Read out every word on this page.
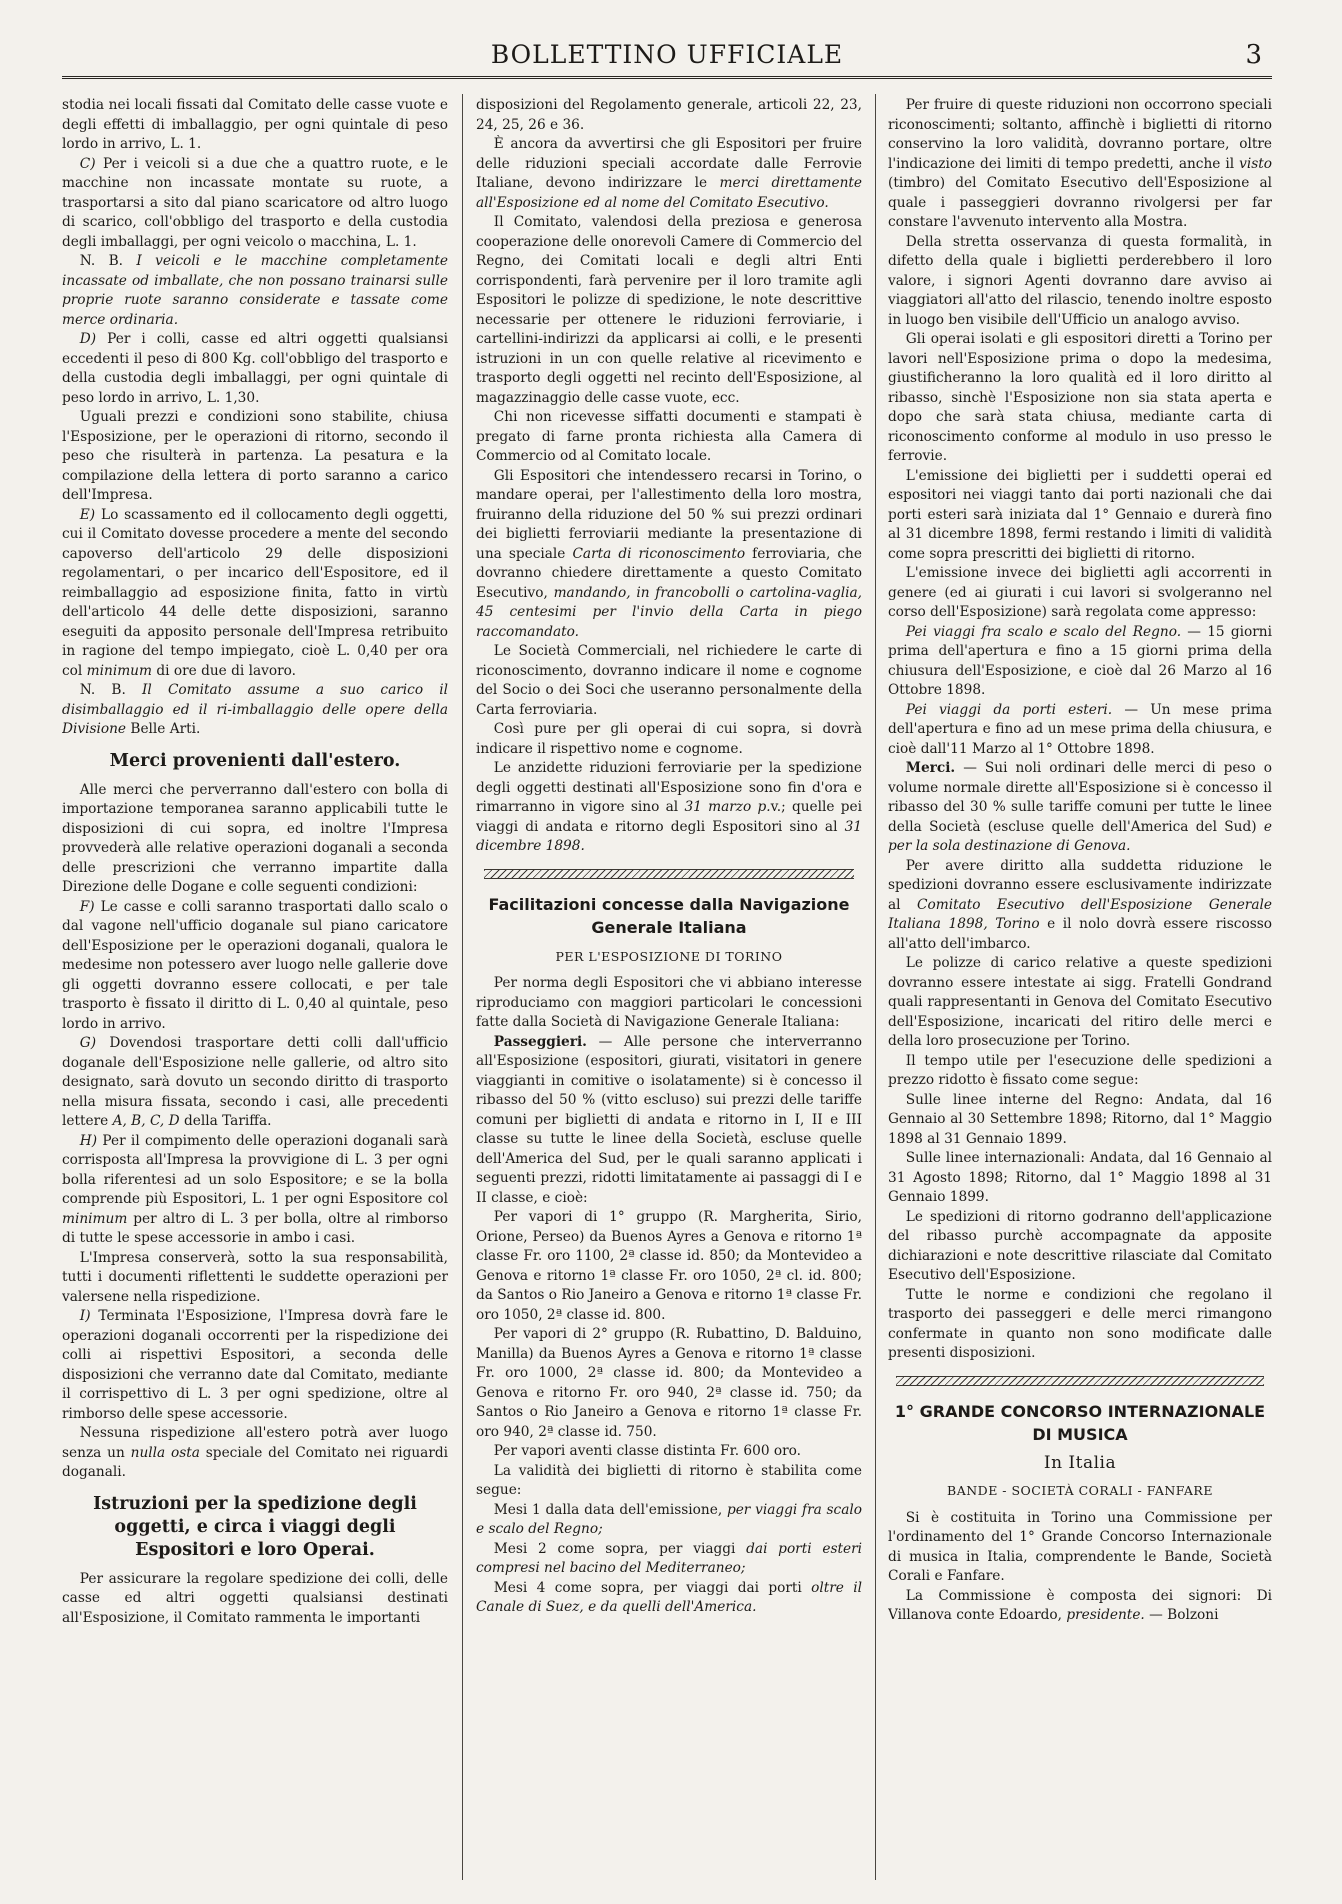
BOLLETTINO UFFICIALE	3

stodia nei locali fissati dal Comitato delle casse vuote e degli effetti di imballaggio, per ogni quintale di peso lordo in arrivo, L. 1.

C) Per i veicoli si a due che a quattro ruote, e le macchine non incassate montate su ruote, a trasportarsi a sito dal piano scaricatore od altro luogo di scarico, coll'obbligo del trasporto e della custodia degli imballaggi, per ogni veicolo o macchina, L. 1.

N. B. I veicoli e le macchine completamente incassate od imballate, che non possano trainarsi sulle proprie ruote saranno considerate e tassate come merce ordinaria.

D) Per i colli, casse ed altri oggetti qualsiansi eccedenti il peso di 800 Kg. coll'obbligo del trasporto e della custodia degli imballaggi, per ogni quintale di peso lordo in arrivo, L. 1,30.

Uguali prezzi e condizioni sono stabilite, chiusa l'Esposizione, per le operazioni di ritorno, secondo il peso che risulterà in partenza. La pesatura e la compilazione della lettera di porto saranno a carico dell'Impresa.

E) Lo scassamento ed il collocamento degli oggetti, cui il Comitato dovesse procedere a mente del secondo capoverso dell'articolo 29 delle disposizioni regolamentari, o per incarico dell'Espositore, ed il reimballaggio ad esposizione finita, fatto in virtù dell'articolo 44 delle dette disposizioni, saranno eseguiti da apposito personale dell'Impresa retribuito in ragione del tempo impiegato, cioè L. 0,40 per ora col minimum di ore due di lavoro.

N. B. Il Comitato assume a suo carico il disimballaggio ed il ri-imballaggio delle opere della Divisione Belle Arti.

Merci provenienti dall'estero.

Alle merci che perverranno dall'estero con bolla di importazione temporanea saranno applicabili tutte le disposizioni di cui sopra, ed inoltre l'Impresa provvederà alle relative operazioni doganali a seconda delle prescrizioni che verranno impartite dalla Direzione delle Dogane e colle seguenti condizioni:

F) Le casse e colli saranno trasportati dallo scalo o dal vagone nell'ufficio doganale sul piano caricatore dell'Esposizione per le operazioni doganali, qualora le medesime non potessero aver luogo nelle gallerie dove gli oggetti dovranno essere collocati, e per tale trasporto è fissato il diritto di L. 0,40 al quintale, peso lordo in arrivo.

G) Dovendosi trasportare detti colli dall'ufficio doganale dell'Esposizione nelle gallerie, od altro sito designato, sarà dovuto un secondo diritto di trasporto nella misura fissata, secondo i casi, alle precedenti lettere A, B, C, D della Tariffa.

H) Per il compimento delle operazioni doganali sarà corrisposta all'Impresa la provvigione di L. 3 per ogni bolla riferentesi ad un solo Espositore; e se la bolla comprende più Espositori, L. 1 per ogni Espositore col minimum per altro di L. 3 per bolla, oltre al rimborso di tutte le spese accessorie in ambo i casi.

L'Impresa conserverà, sotto la sua responsabilità, tutti i documenti riflettenti le suddette operazioni per valersene nella rispedizione.

I) Terminata l'Esposizione, l'Impresa dovrà fare le operazioni doganali occorrenti per la rispedizione dei colli ai rispettivi Espositori, a seconda delle disposizioni che verranno date dal Comitato, mediante il corrispettivo di L. 3 per ogni spedizione, oltre al rimborso delle spese accessorie.

Nessuna rispedizione all'estero potrà aver luogo senza un nulla osta speciale del Comitato nei riguardi doganali.

Istruzioni per la spedizione degli oggetti, e circa i viaggi degli Espositori e loro Operai.

Per assicurare la regolare spedizione dei colli, delle casse ed altri oggetti qualsiansi destinati all'Esposizione, il Comitato rammenta le importanti

disposizioni del Regolamento generale, articoli 22, 23, 24, 25, 26 e 36.

È ancora da avvertirsi che gli Espositori per fruire delle riduzioni speciali accordate dalle Ferrovie Italiane, devono indirizzare le merci direttamente all'Esposizione ed al nome del Comitato Esecutivo.

Il Comitato, valendosi della preziosa e generosa cooperazione delle onorevoli Camere di Commercio del Regno, dei Comitati locali e degli altri Enti corrispondenti, farà pervenire per il loro tramite agli Espositori le polizze di spedizione, le note descrittive necessarie per ottenere le riduzioni ferroviarie, i cartellini-indirizzi da applicarsi ai colli, e le presenti istruzioni in un con quelle relative al ricevimento e trasporto degli oggetti nel recinto dell'Esposizione, al magazzinaggio delle casse vuote, ecc.

Chi non ricevesse siffatti documenti e stampati è pregato di farne pronta richiesta alla Camera di Commercio od al Comitato locale.

Gli Espositori che intendessero recarsi in Torino, o mandare operai, per l'allestimento della loro mostra, fruiranno della riduzione del 50 % sui prezzi ordinari dei biglietti ferroviarii mediante la presentazione di una speciale Carta di riconoscimento ferroviaria, che dovranno chiedere direttamente a questo Comitato Esecutivo, mandando, in francobolli o cartolina-vaglia, 45 centesimi per l'invio della Carta in piego raccomandato.

Le Società Commerciali, nel richiedere le carte di riconoscimento, dovranno indicare il nome e cognome del Socio o dei Soci che useranno personalmente della Carta ferroviaria.

Così pure per gli operai di cui sopra, si dovrà indicare il rispettivo nome e cognome.

Le anzidette riduzioni ferroviarie per la spedizione degli oggetti destinati all'Esposizione sono fin d'ora e rimarranno in vigore sino al 31 marzo p.v.; quelle pei viaggi di andata e ritorno degli Espositori sino al 31 dicembre 1898.

Facilitazioni concesse dalla Navigazione Generale Italiana

PER L'ESPOSIZIONE DI TORINO

Per norma degli Espositori che vi abbiano interesse riproduciamo con maggiori particolari le concessioni fatte dalla Società di Navigazione Generale Italiana:

Passeggieri. — Alle persone che interverranno all'Esposizione (espositori, giurati, visitatori in genere viaggianti in comitive o isolatamente) si è concesso il ribasso del 50 % (vitto escluso) sui prezzi delle tariffe comuni per biglietti di andata e ritorno in I, II e III classe su tutte le linee della Società, escluse quelle dell'America del Sud, per le quali saranno applicati i seguenti prezzi, ridotti limitatamente ai passaggi di I e II classe, e cioè:

Per vapori di 1° gruppo (R. Margherita, Sirio, Orione, Perseo) da Buenos Ayres a Genova e ritorno 1ª classe Fr. oro 1100, 2ª classe id. 850; da Montevideo a Genova e ritorno 1ª classe Fr. oro 1050, 2ª cl. id. 800; da Santos o Rio Janeiro a Genova e ritorno 1ª classe Fr. oro 1050, 2ª classe id. 800.

Per vapori di 2° gruppo (R. Rubattino, D. Balduino, Manilla) da Buenos Ayres a Genova e ritorno 1ª classe Fr. oro 1000, 2ª classe id. 800; da Montevideo a Genova e ritorno Fr. oro 940, 2ª classe id. 750; da Santos o Rio Janeiro a Genova e ritorno 1ª classe Fr. oro 940, 2ª classe id. 750.

Per vapori aventi classe distinta Fr. 600 oro.

La validità dei biglietti di ritorno è stabilita come segue:

Mesi 1 dalla data dell'emissione, per viaggi fra scalo e scalo del Regno;

Mesi 2 come sopra, per viaggi dai porti esteri compresi nel bacino del Mediterraneo;

Mesi 4 come sopra, per viaggi dai porti oltre il Canale di Suez, e da quelli dell'America.

Per fruire di queste riduzioni non occorrono speciali riconoscimenti; soltanto, affinchè i biglietti di ritorno conservino la loro validità, dovranno portare, oltre l'indicazione dei limiti di tempo predetti, anche il visto (timbro) del Comitato Esecutivo dell'Esposizione al quale i passeggieri dovranno rivolgersi per far constare l'avvenuto intervento alla Mostra.

Della stretta osservanza di questa formalità, in difetto della quale i biglietti perderebbero il loro valore, i signori Agenti dovranno dare avviso ai viaggiatori all'atto del rilascio, tenendo inoltre esposto in luogo ben visibile dell'Ufficio un analogo avviso.

Gli operai isolati e gli espositori diretti a Torino per lavori nell'Esposizione prima o dopo la medesima, giustificheranno la loro qualità ed il loro diritto al ribasso, sinchè l'Esposizione non sia stata aperta e dopo che sarà stata chiusa, mediante carta di riconoscimento conforme al modulo in uso presso le ferrovie.

L'emissione dei biglietti per i suddetti operai ed espositori nei viaggi tanto dai porti nazionali che dai porti esteri sarà iniziata dal 1° Gennaio e durerà fino al 31 dicembre 1898, fermi restando i limiti di validità come sopra prescritti dei biglietti di ritorno.

L'emissione invece dei biglietti agli accorrenti in genere (ed ai giurati i cui lavori si svolgeranno nel corso dell'Esposizione) sarà regolata come appresso:

Pei viaggi fra scalo e scalo del Regno. — 15 giorni prima dell'apertura e fino a 15 giorni prima della chiusura dell'Esposizione, e cioè dal 26 Marzo al 16 Ottobre 1898.

Pei viaggi da porti esteri. — Un mese prima dell'apertura e fino ad un mese prima della chiusura, e cioè dall'11 Marzo al 1° Ottobre 1898.

Merci. — Sui noli ordinari delle merci di peso o volume normale dirette all'Esposizione si è concesso il ribasso del 30 % sulle tariffe comuni per tutte le linee della Società (escluse quelle dell'America del Sud) e per la sola destinazione di Genova.

Per avere diritto alla suddetta riduzione le spedizioni dovranno essere esclusivamente indirizzate al Comitato Esecutivo dell'Esposizione Generale Italiana 1898, Torino e il nolo dovrà essere riscosso all'atto dell'imbarco.

Le polizze di carico relative a queste spedizioni dovranno essere intestate ai sigg. Fratelli Gondrand quali rappresentanti in Genova del Comitato Esecutivo dell'Esposizione, incaricati del ritiro delle merci e della loro prosecuzione per Torino.

Il tempo utile per l'esecuzione delle spedizioni a prezzo ridotto è fissato come segue:

Sulle linee interne del Regno: Andata, dal 16 Gennaio al 30 Settembre 1898; Ritorno, dal 1° Maggio 1898 al 31 Gennaio 1899.

Sulle linee internazionali: Andata, dal 16 Gennaio al 31 Agosto 1898; Ritorno, dal 1° Maggio 1898 al 31 Gennaio 1899.

Le spedizioni di ritorno godranno dell'applicazione del ribasso purchè accompagnate da apposite dichiarazioni e note descrittive rilasciate dal Comitato Esecutivo dell'Esposizione.

Tutte le norme e condizioni che regolano il trasporto dei passeggeri e delle merci rimangono confermate in quanto non sono modificate dalle presenti disposizioni.

1° GRANDE CONCORSO INTERNAZIONALE DI MUSICA

In Italia

BANDE - SOCIETÀ CORALI - FANFARE

Si è costituita in Torino una Commissione per l'ordinamento del 1° Grande Concorso Internazionale di musica in Italia, comprendente le Bande, Società Corali e Fanfare.

La Commissione è composta dei signori: Di Villanova conte Edoardo, presidente. — Bolzoni
